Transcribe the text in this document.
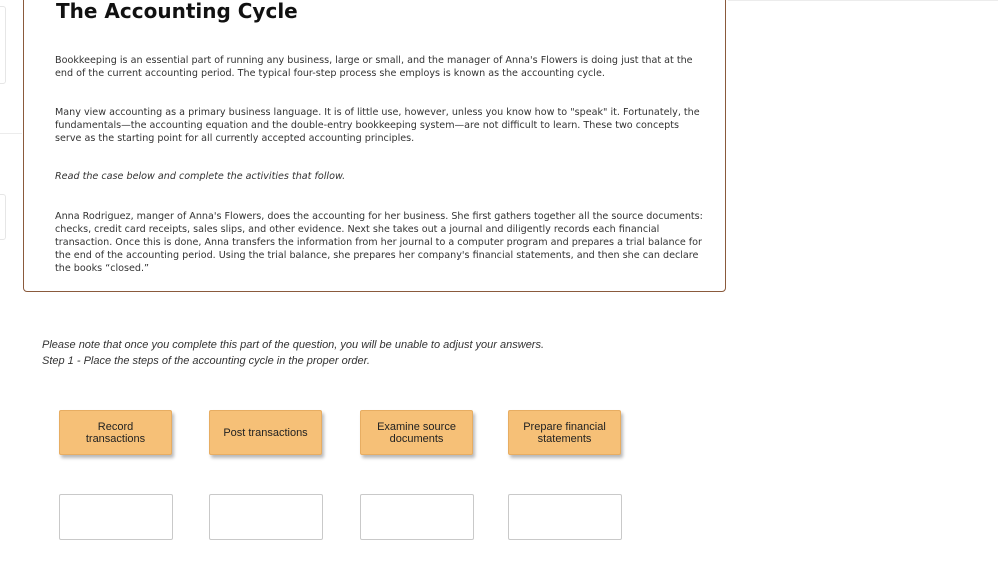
The Accounting Cycle

Bookkeeping is an essential part of running any business, large or small, and the manager of Anna's Flowers is doing just that at the end of the current accounting period. The typical four-step process she employs is known as the accounting cycle.

Many view accounting as a primary business language. It is of little use, however, unless you know how to "speak" it. Fortunately, the fundamentals—the accounting equation and the double-entry bookkeeping system—are not difficult to learn. These two concepts serve as the starting point for all currently accepted accounting principles.

Read the case below and complete the activities that follow.

Anna Rodriguez, manger of Anna's Flowers, does the accounting for her business. She first gathers together all the source documents: checks, credit card receipts, sales slips, and other evidence. Next she takes out a journal and diligently records each financial transaction. Once this is done, Anna transfers the information from her journal to a computer program and prepares a trial balance for the end of the accounting period. Using the trial balance, she prepares her company's financial statements, and then she can declare the books “closed.”

Please note that once you complete this part of the question, you will be unable to adjust your answers.

Step 1 - Place the steps of the accounting cycle in the proper order.

Record transactions	Post transactions	Examine source documents
Prepare financial statements
